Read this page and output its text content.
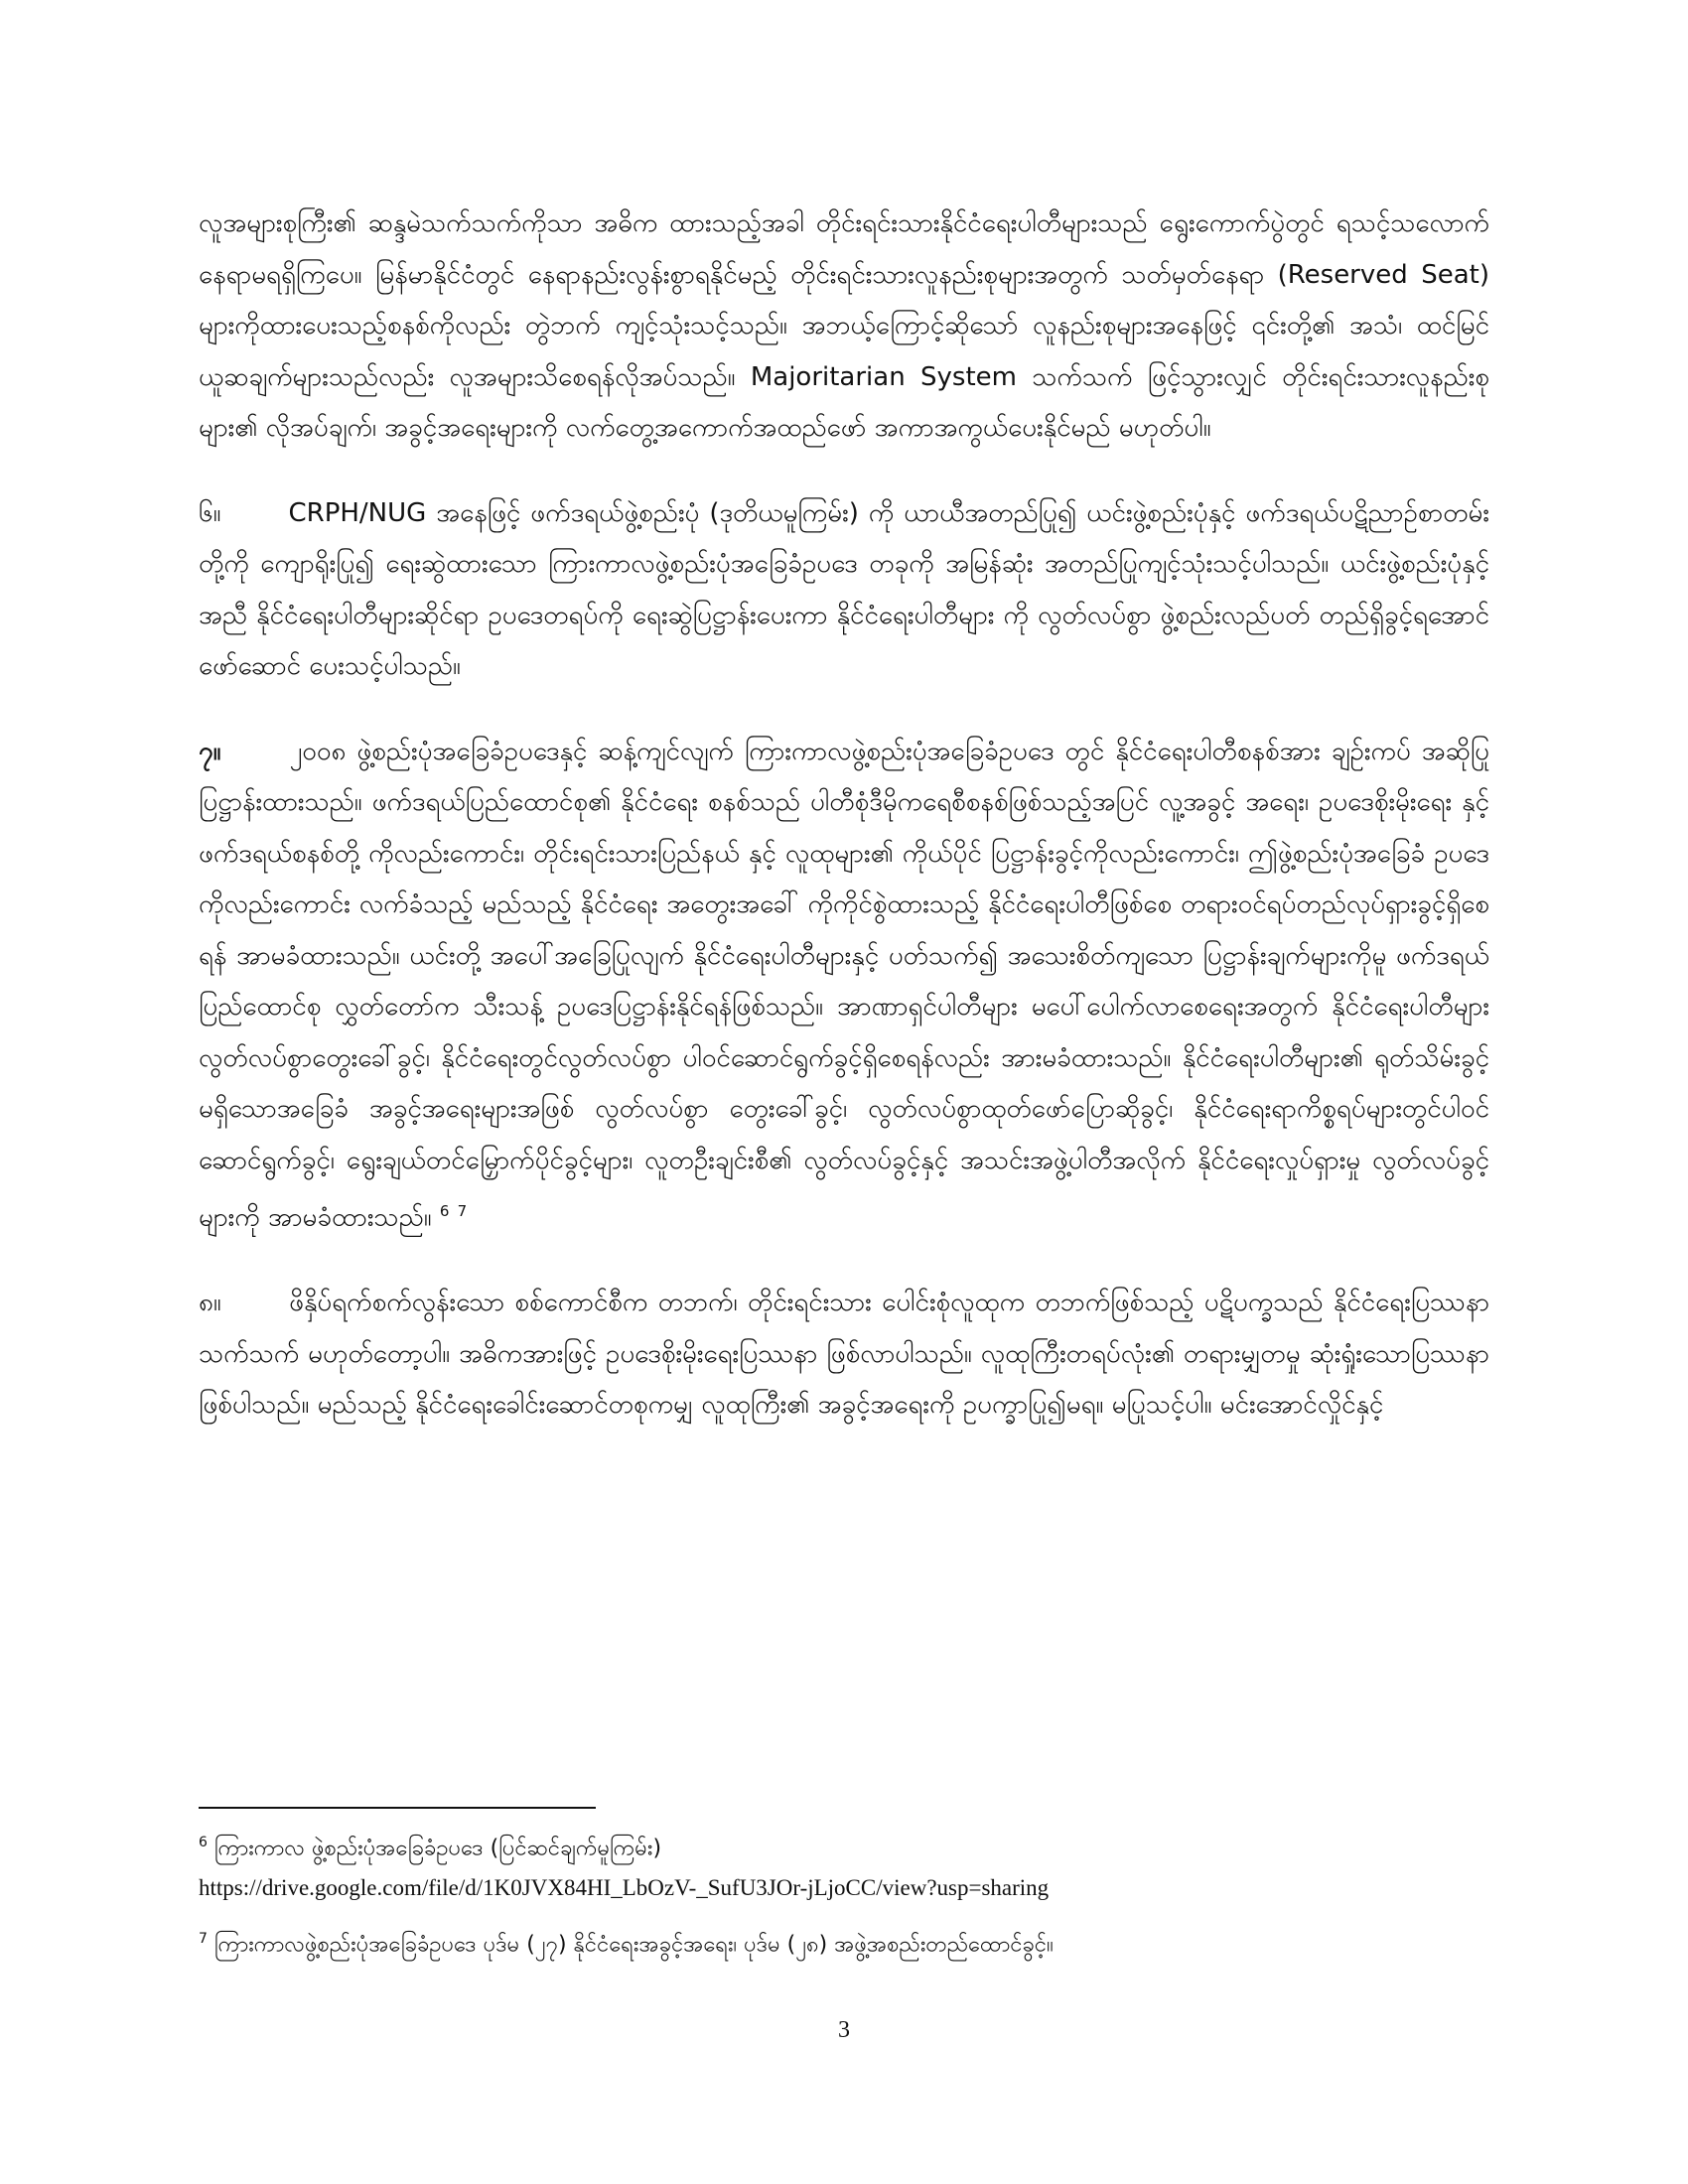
လူအများစုကြီး၏ ဆန္ဒမဲသက်သက်ကိုသာ အဓိက ထားသည့်အခါ တိုင်းရင်းသားနိုင်ငံရေးပါတီများသည် ရွေးကောက်ပွဲတွင် ရသင့်သလောက် နေရာမရရှိကြပေ။ မြန်မာနိုင်ငံတွင် နေရာနည်းလွန်းစွာရနိုင်မည့် တိုင်းရင်းသားလူနည်းစုများအတွက် သတ်မှတ်နေရာ (Reserved Seat) များကိုထားပေးသည့်စနစ်ကိုလည်း တွဲဘက် ကျင့်သုံးသင့်သည်။ အဘယ့်ကြောင့်ဆိုသော် လူနည်းစုများအနေဖြင့် ၎င်းတို့၏ အသံ၊ ထင်မြင်ယူဆချက်များသည်လည်း လူအများသိစေရန်လိုအပ်သည်။ Majoritarian System သက်သက် ဖြင့်သွားလျှင် တိုင်းရင်းသားလူနည်းစုများ၏ လိုအပ်ချက်၊ အခွင့်အရေးများကို လက်တွေ့အကောက်အထည်ဖော် အကာအကွယ်ပေးနိုင်မည် မဟုတ်ပါ။

၆။	CRPH/NUG အနေဖြင့် ဖက်ဒရယ်ဖွဲ့စည်းပုံ (ဒုတိယမူကြမ်း) ကို ယာယီအတည်ပြု၍ ယင်းဖွဲ့စည်းပုံနှင့် ဖက်ဒရယ်ပဋိညာဉ်စာတမ်းတို့ကို ကျောရိုးပြု၍ ရေးဆွဲထားသော ကြားကာလဖွဲ့စည်းပုံအခြေခံဥပဒေ တခုကို အမြန်ဆုံး အတည်ပြုကျင့်သုံးသင့်ပါသည်။ ယင်းဖွဲ့စည်းပုံနှင့် အညီ နိုင်ငံရေးပါတီများဆိုင်ရာ ဥပဒေတရပ်ကို ရေးဆွဲပြဋ္ဌာန်းပေးကာ နိုင်ငံရေးပါတီများ ကို လွတ်လပ်စွာ ဖွဲ့စည်းလည်ပတ် တည်ရှိခွင့်ရအောင် ဖော်ဆောင် ပေးသင့်ပါသည်။

၇။	၂၀၀၈ ဖွဲ့စည်းပုံအခြေခံဥပဒေနှင့် ဆန့်ကျင်လျက် ကြားကာလဖွဲ့စည်းပုံအခြေခံဥပဒေ တွင် နိုင်ငံရေးပါတီစနစ်အား ချဉ်းကပ် အဆိုပြု ပြဋ္ဌာန်းထားသည်။ ဖက်ဒရယ်ပြည်ထောင်စု၏ နိုင်ငံရေး စနစ်သည် ပါတီစုံဒီမိုကရေစီစနစ်ဖြစ်သည့်အပြင် လူ့အခွင့် အရေး၊ ဥပဒေစိုးမိုးရေး နှင့် ဖက်ဒရယ်စနစ်တို့ ကိုလည်းကောင်း၊ တိုင်းရင်းသားပြည်နယ် နှင့် လူထုများ၏ ကိုယ်ပိုင် ပြဋ္ဌာန်းခွင့်ကိုလည်းကောင်း၊ ဤဖွဲ့စည်းပုံအခြေခံ ဥပဒေကိုလည်းကောင်း လက်ခံသည့် မည်သည့် နိုင်ငံရေး အတွေးအခေါ် ကိုကိုင်စွဲထားသည့် နိုင်ငံရေးပါတီဖြစ်စေ တရားဝင်ရပ်တည်လုပ်ရှားခွင့်ရှိစေရန် အာမခံထားသည်။ ယင်းတို့ အပေါ်အခြေပြုလျက် နိုင်ငံရေးပါတီများနှင့် ပတ်သက်၍ အသေးစိတ်ကျသော ပြဋ္ဌာန်းချက်များကိုမူ ဖက်ဒရယ် ပြည်ထောင်စု လွှတ်တော်က သီးသန့် ဥပဒေပြဋ္ဌာန်းနိုင်ရန်ဖြစ်သည်။ အာဏာရှင်ပါတီများ မပေါ်ပေါက်လာစေရေးအတွက် နိုင်ငံရေးပါတီများ လွတ်လပ်စွာတွေးခေါ်ခွင့်၊ နိုင်ငံရေးတွင်လွတ်လပ်စွာ ပါဝင်ဆောင်ရွက်ခွင့်ရှိစေရန်လည်း အားမခံထားသည်။ နိုင်ငံရေးပါတီများ၏ ရုတ်သိမ်းခွင့် မရှိသောအခြေခံ အခွင့်အရေးများအဖြစ် လွတ်လပ်စွာ တွေးခေါ်ခွင့်၊ လွတ်လပ်စွာထုတ်ဖော်ပြောဆိုခွင့်၊ နိုင်ငံရေးရာကိစ္စရပ်များတွင်ပါဝင် ဆောင်ရွက်ခွင့်၊ ရွေးချယ်တင်မြှောက်ပိုင်ခွင့်များ၊ လူတဦးချင်းစီ၏ လွတ်လပ်ခွင့်နှင့် အသင်းအဖွဲ့ပါတီအလိုက် နိုင်ငံရေးလှုပ်ရှားမှု လွတ်လပ်ခွင့်များကို အာမခံထားသည်။ $^6$ $^7$

၈။	ဖိနှိပ်ရက်စက်လွန်းသော စစ်ကောင်စီက တဘက်၊ တိုင်းရင်းသား ပေါင်းစုံလူထုက တဘက်ဖြစ်သည့် ပဋိပက္ခသည် နိုင်ငံရေးပြဿနာ သက်သက် မဟုတ်တော့ပါ။ အဓိကအားဖြင့် ဥပဒေစိုးမိုးရေးပြဿနာ ဖြစ်လာပါသည်။ လူထုကြီးတရပ်လုံး၏ တရားမျှတမှု ဆုံးရှုံးသောပြဿနာ ဖြစ်ပါသည်။ မည်သည့် နိုင်ငံရေးခေါင်းဆောင်တစုကမျှ လူထုကြီး၏ အခွင့်အရေးကို ဥပက္ခာပြု၍မရ။ မပြုသင့်ပါ။ မင်းအောင်လှိုင်နှင့်

$^6$ ကြားကာလ ဖွဲ့စည်းပုံအခြေခံဥပဒေ (ပြင်ဆင်ချက်မူကြမ်း)
https://drive.google.com/file/d/1K0JVX84HI_LbOzV-_SufU3JOr-jLjoCC/view?usp=sharing
$^7$ ကြားကာလဖွဲ့စည်းပုံအခြေခံဥပဒေ ပုဒ်မ (၂၇) နိုင်ငံရေးအခွင့်အရေး၊ ပုဒ်မ (၂၈) အဖွဲ့အစည်းတည်ထောင်ခွင့်။
3
